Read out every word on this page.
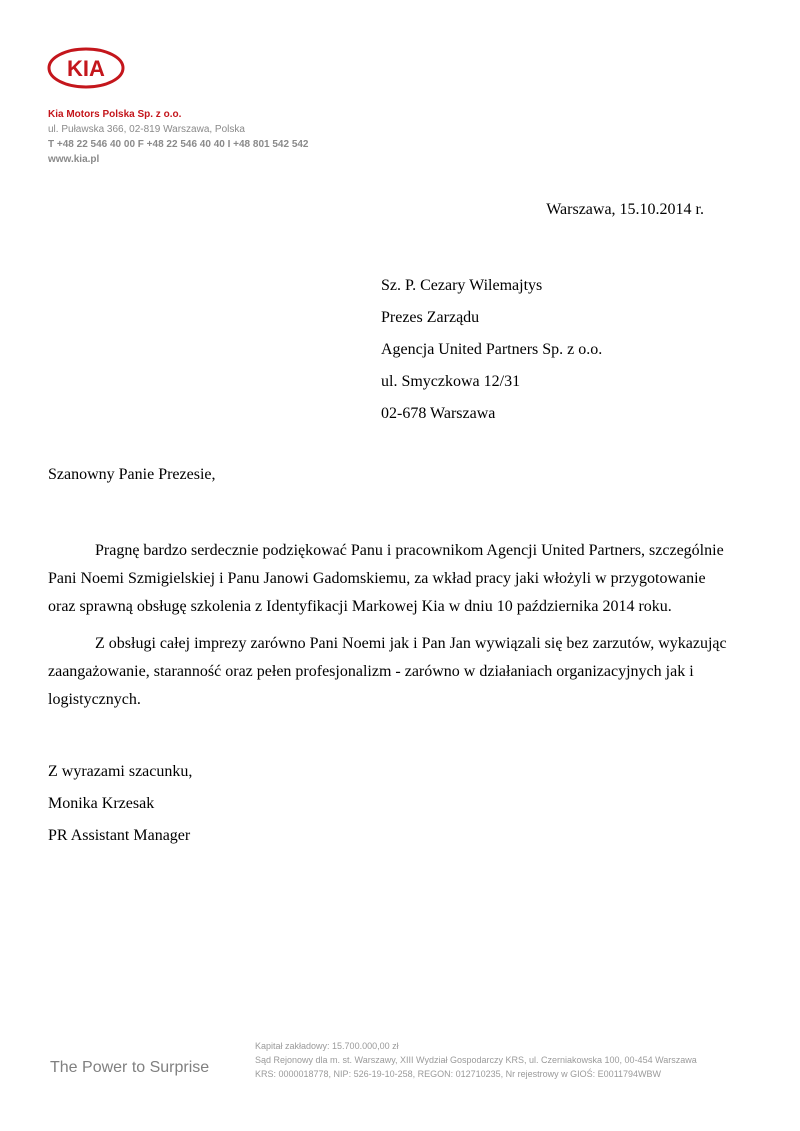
KIA
Kia Motors Polska Sp. z o.o.
ul. Puławska 366, 02-819 Warszawa, Polska
T +48 22 546 40 00 F +48 22 546 40 40 I +48 801 542 542
www.kia.pl
Warszawa, 15.10.2014 r.
Sz. P. Cezary Wilemajtys
Prezes Zarządu
Agencja United Partners Sp. z o.o.
ul. Smyczkowa 12/31
02-678 Warszawa
Szanowny Panie Prezesie,
Pragnę bardzo serdecznie podziękować Panu i pracownikom Agencji United Partners, szczególnie
Pani Noemi Szmigielskiej i Panu Janowi Gadomskiemu, za wkład pracy jaki włożyli w przygotowanie
oraz sprawną obsługę szkolenia z Identyfikacji Markowej Kia w dniu 10 października 2014 roku.
Z obsługi całej imprezy zarówno Pani Noemi jak i Pan Jan wywiązali się bez zarzutów, wykazując
zaangażowanie, staranność oraz pełen profesjonalizm - zarówno w działaniach organizacyjnych jak i
logistycznych.
Z wyrazami szacunku,
Monika Krzesak
PR Assistant Manager
The Power to Surprise
Kapitał zakładowy: 15.700.000,00 zł
Sąd Rejonowy dla m. st. Warszawy, XIII Wydział Gospodarczy KRS, ul. Czerniakowska 100, 00-454 Warszawa
KRS: 0000018778, NIP: 526-19-10-258, REGON: 012710235, Nr rejestrowy w GIOŚ: E0011794WBW
